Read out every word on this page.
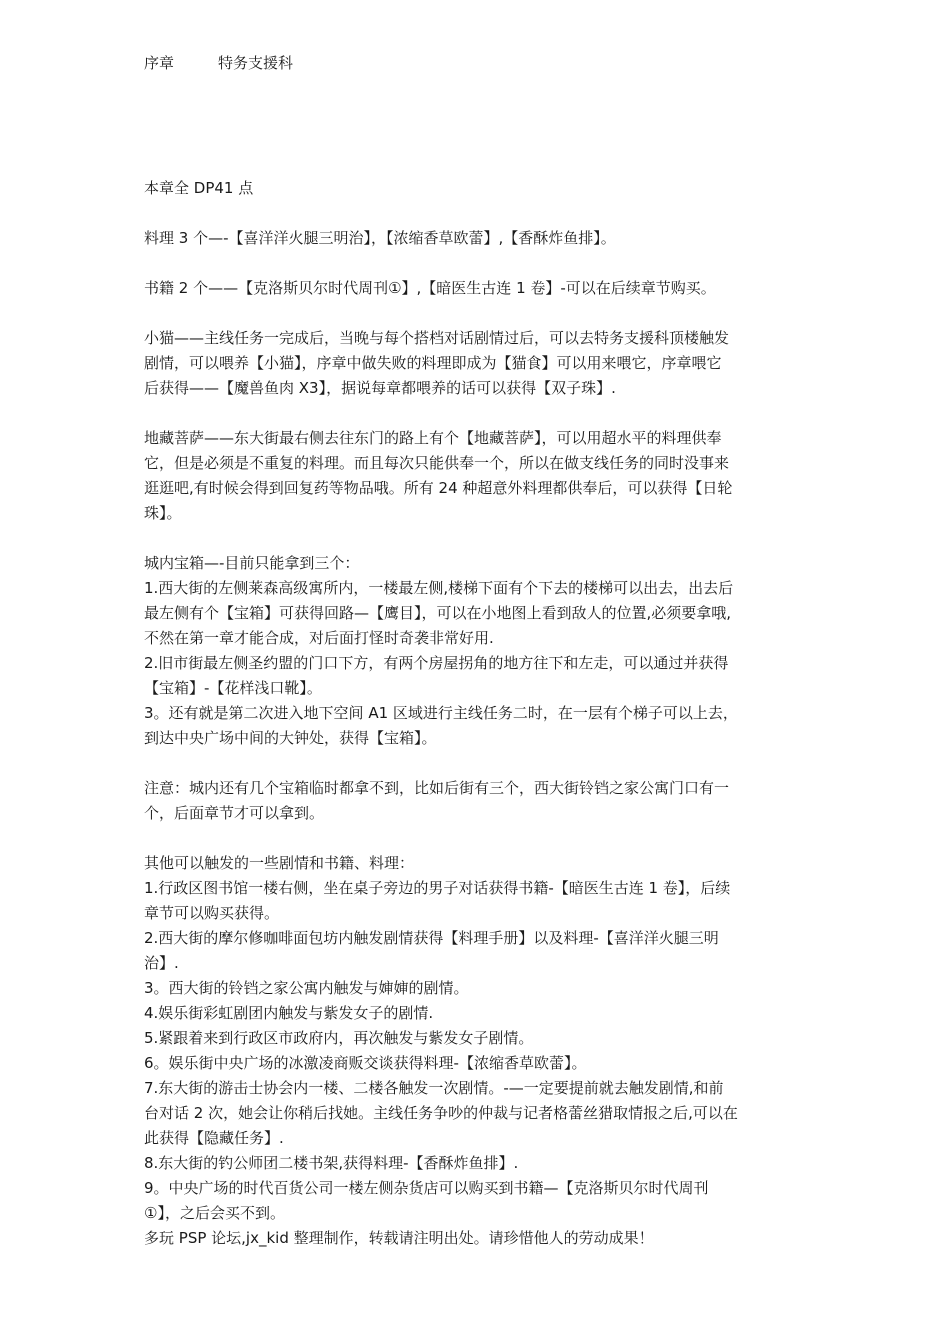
序章	特务支援科
本章全 DP41 点
料理 3 个—-【喜洋洋火腿三明治】，【浓缩香草欧蕾】,【香酥炸鱼排】。
书籍 2 个——【克洛斯贝尔时代周刊①】,【暗医生古连 1 卷】-可以在后续章节购买。
小猫——主线任务一完成后，当晚与每个搭档对话剧情过后，可以去特务支援科顶楼触发
剧情，可以喂养【小猫】，序章中做失败的料理即成为【猫食】可以用来喂它，序章喂它
后获得——【魔兽鱼肉 X3】，据说每章都喂养的话可以获得【双子珠】.
地藏菩萨——东大街最右侧去往东门的路上有个【地藏菩萨】，可以用超水平的料理供奉
它，但是必须是不重复的料理。而且每次只能供奉一个，所以在做支线任务的同时没事来
逛逛吧,有时候会得到回复药等物品哦。所有 24 种超意外料理都供奉后，可以获得【日轮
珠】。
城内宝箱—-目前只能拿到三个：
1.西大街的左侧莱森高级寓所内，一楼最左侧,楼梯下面有个下去的楼梯可以出去，出去后
最左侧有个【宝箱】可获得回路—【鹰目】，可以在小地图上看到敌人的位置,必须要拿哦,
不然在第一章才能合成，对后面打怪时奇袭非常好用.
2.旧市街最左侧圣约盟的门口下方，有两个房屋拐角的地方往下和左走，可以通过并获得
【宝箱】-【花样浅口靴】。
3。还有就是第二次进入地下空间 A1 区域进行主线任务二时，在一层有个梯子可以上去，
到达中央广场中间的大钟处，获得【宝箱】。
注意：城内还有几个宝箱临时都拿不到，比如后街有三个，西大街铃铛之家公寓门口有一
个，后面章节才可以拿到。
其他可以触发的一些剧情和书籍、料理：
1.行政区图书馆一楼右侧，坐在桌子旁边的男子对话获得书籍-【暗医生古连 1 卷】，后续
章节可以购买获得。
2.西大街的摩尔修咖啡面包坊内触发剧情获得【料理手册】以及料理-【喜洋洋火腿三明
治】.
3。西大街的铃铛之家公寓内触发与婶婶的剧情。
4.娱乐街彩虹剧团内触发与紫发女子的剧情.
5.紧跟着来到行政区市政府内，再次触发与紫发女子剧情。
6。娱乐街中央广场的冰激凌商贩交谈获得料理-【浓缩香草欧蕾】。
7.东大街的游击士协会内一楼、二楼各触发一次剧情。-—一定要提前就去触发剧情,和前
台对话 2 次，她会让你稍后找她。主线任务争吵的仲裁与记者格蕾丝猎取情报之后,可以在
此获得【隐藏任务】.
8.东大街的钓公师团二楼书架,获得料理-【香酥炸鱼排】.
9。中央广场的时代百货公司一楼左侧杂货店可以购买到书籍—【克洛斯贝尔时代周刊
①】，之后会买不到。
多玩 PSP 论坛,jx_kid 整理制作，转载请注明出处。请珍惜他人的劳动成果！
